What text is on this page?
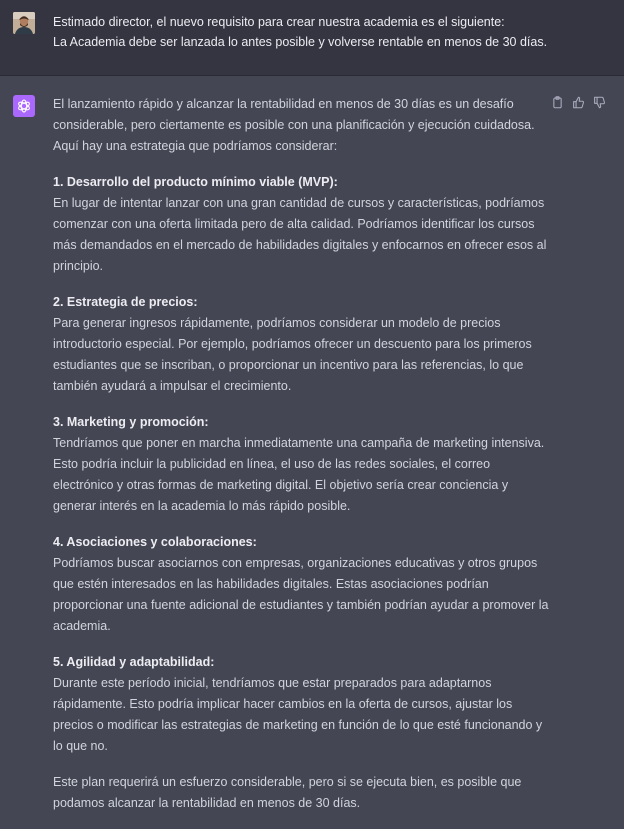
Estimado director, el nuevo requisito para crear nuestra academia es el siguiente:
La Academia debe ser lanzada lo antes posible y volverse rentable en menos de 30 días.

El lanzamiento rápido y alcanzar la rentabilidad en menos de 30 días es un desafío considerable, pero ciertamente es posible con una planificación y ejecución cuidadosa. Aquí hay una estrategia que podríamos considerar:

1. Desarrollo del producto mínimo viable (MVP):
En lugar de intentar lanzar con una gran cantidad de cursos y características, podríamos comenzar con una oferta limitada pero de alta calidad. Podríamos identificar los cursos más demandados en el mercado de habilidades digitales y enfocarnos en ofrecer esos al principio.

2. Estrategia de precios:
Para generar ingresos rápidamente, podríamos considerar un modelo de precios introductorio especial. Por ejemplo, podríamos ofrecer un descuento para los primeros estudiantes que se inscriban, o proporcionar un incentivo para las referencias, lo que también ayudará a impulsar el crecimiento.

3. Marketing y promoción:
Tendríamos que poner en marcha inmediatamente una campaña de marketing intensiva. Esto podría incluir la publicidad en línea, el uso de las redes sociales, el correo electrónico y otras formas de marketing digital. El objetivo sería crear conciencia y generar interés en la academia lo más rápido posible.

4. Asociaciones y colaboraciones:
Podríamos buscar asociarnos con empresas, organizaciones educativas y otros grupos que estén interesados en las habilidades digitales. Estas asociaciones podrían proporcionar una fuente adicional de estudiantes y también podrían ayudar a promover la academia.

5. Agilidad y adaptabilidad:
Durante este período inicial, tendríamos que estar preparados para adaptarnos rápidamente. Esto podría implicar hacer cambios en la oferta de cursos, ajustar los precios o modificar las estrategias de marketing en función de lo que esté funcionando y lo que no.

Este plan requerirá un esfuerzo considerable, pero si se ejecuta bien, es posible que podamos alcanzar la rentabilidad en menos de 30 días.
